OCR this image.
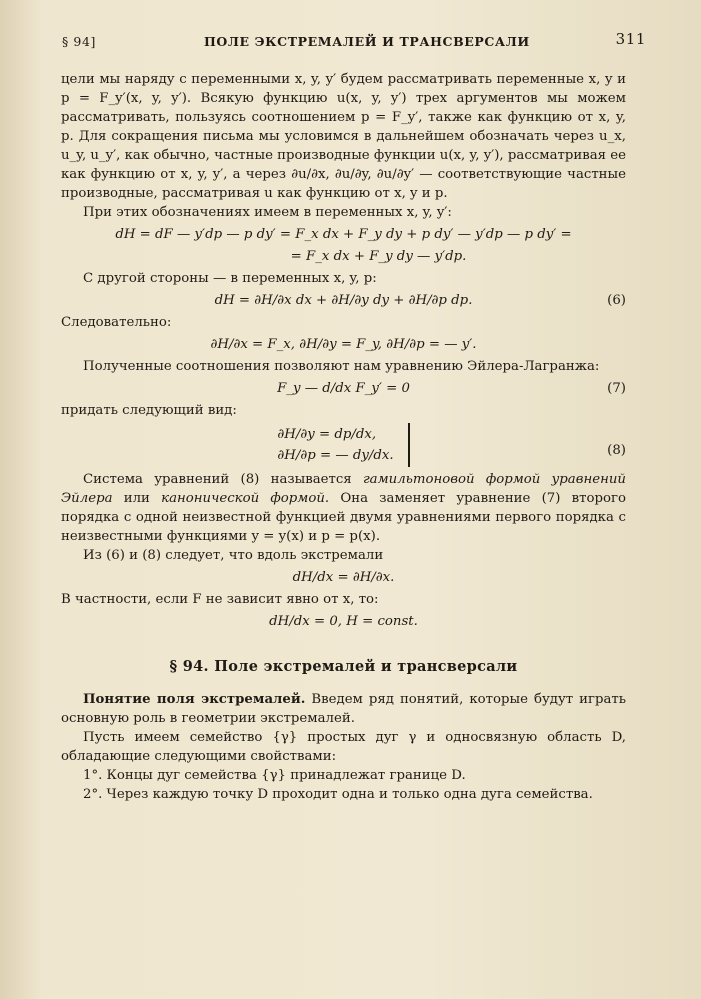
§ 94]	ПОЛЕ ЭКСТРЕМАЛЕЙ И ТРАНСВЕРСАЛИ	311

цели мы наряду с переменными x, y, y′ будем рассматривать переменные x, y и p = F_y′(x, y, y′). Всякую функцию u(x, y, y′) трех аргументов мы можем рассматривать, пользуясь соотношением p = F_y′, также как функцию от x, y, p. Для сокращения письма мы условимся в дальнейшем обозначать через u_x, u_y, u_y′, как обычно, частные производные функции u(x, y, y′), рассматривая ее как функцию от x, y, y′, а через ∂u/∂x, ∂u/∂y, ∂u/∂y′ — соответствующие частные производные, рассматривая u как функцию от x, y и p.

При этих обозначениях имеем в переменных x, y, y′:

dH = dF — y′dp — p dy′ = F_x dx + F_y dy + p dy′ — y′dp — p dy′ =
= F_x dx + F_y dy — y′dp.

С другой стороны — в переменных x, y, p:

dH = ∂H/∂x dx + ∂H/∂y dy + ∂H/∂p dp.	(6)

Следовательно:

∂H/∂x = F_x, ∂H/∂y = F_y, ∂H/∂p = — y′.

Полученные соотношения позволяют нам уравнению Эйлера-Лагранжа:

F_y — d/dx F_y′ = 0	(7)

придать следующий вид:

∂H/∂y = dp/dx,
∂H/∂p = — dy/dx.	(8)

Система уравнений (8) называется гамильтоновой формой уравнений Эйлера или канонической формой. Она заменяет уравнение (7) второго порядка с одной неизвестной функцией двумя уравнениями первого порядка с неизвестными функциями y = y(x) и p = p(x).

Из (6) и (8) следует, что вдоль экстремали

dH/dx = ∂H/∂x.

В частности, если F не зависит явно от x, то:

dH/dx = 0, H = const.
§ 94. Поле экстремалей и трансверсали

Понятие поля экстремалей. Введем ряд понятий, которые будут играть основную роль в геометрии экстремалей.

Пусть имеем семейство {γ} простых дуг γ и односвязную область D, обладающие следующими свойствами:

1°. Концы дуг семейства {γ} принадлежат границе D.

2°. Через каждую точку D проходит одна и только одна дуга семейства.
